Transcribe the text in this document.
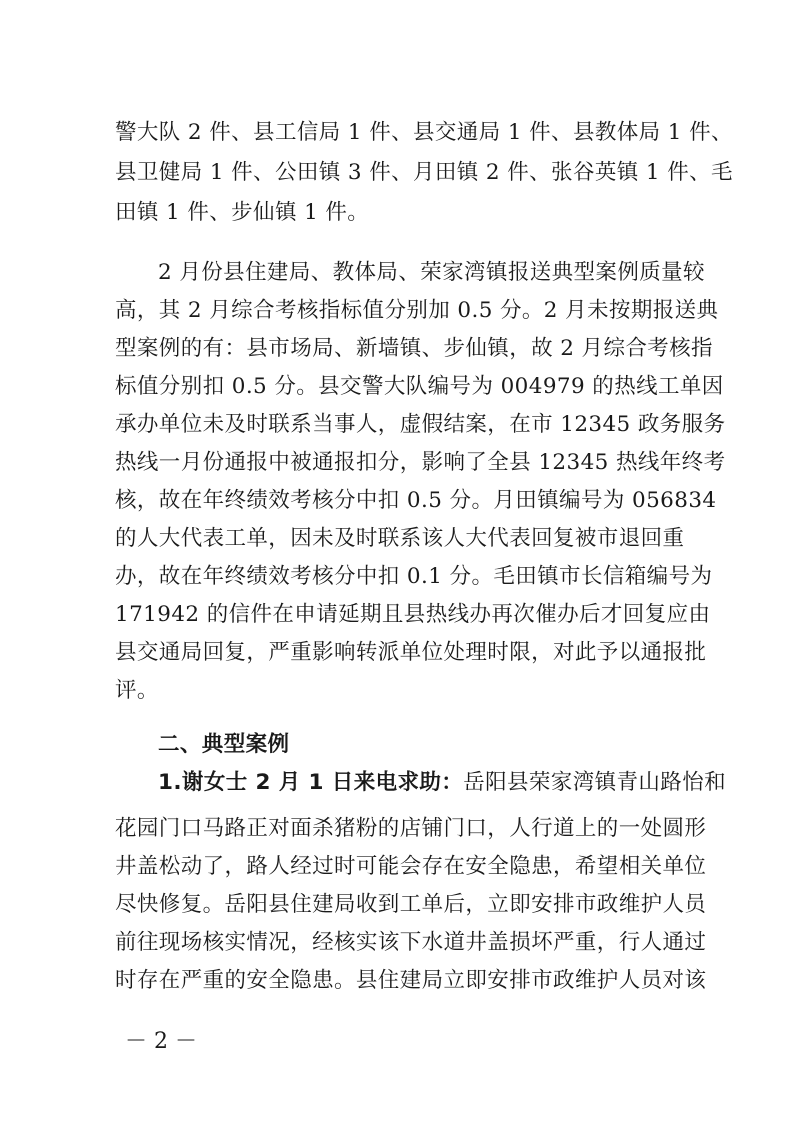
警大队 2 件、县工信局 1 件、县交通局 1 件、县教体局 1 件、
县卫健局 1 件、公田镇 3 件、月田镇 2 件、张谷英镇 1 件、毛
田镇 1 件、步仙镇 1 件。
2 月份县住建局、教体局、荣家湾镇报送典型案例质量较
高，其 2 月综合考核指标值分别加 0.5 分。2 月未按期报送典
型案例的有：县市场局、新墙镇、步仙镇，故 2 月综合考核指
标值分别扣 0.5 分。县交警大队编号为 004979 的热线工单因
承办单位未及时联系当事人，虚假结案，在市 12345 政务服务
热线一月份通报中被通报扣分，影响了全县 12345 热线年终考
核，故在年终绩效考核分中扣 0.5 分。月田镇编号为 056834
的人大代表工单，因未及时联系该人大代表回复被市退回重
办，故在年终绩效考核分中扣 0.1 分。毛田镇市长信箱编号为
171942 的信件在申请延期且县热线办再次催办后才回复应由
县交通局回复，严重影响转派单位处理时限，对此予以通报批
评。
二、典型案例
1.谢女士 2 月 1 日来电求助：岳阳县荣家湾镇青山路怡和
花园门口马路正对面杀猪粉的店铺门口，人行道上的一处圆形
井盖松动了，路人经过时可能会存在安全隐患，希望相关单位
尽快修复。岳阳县住建局收到工单后，立即安排市政维护人员
前往现场核实情况，经核实该下水道井盖损坏严重，行人通过
时存在严重的安全隐患。县住建局立即安排市政维护人员对该
－ 2 －
